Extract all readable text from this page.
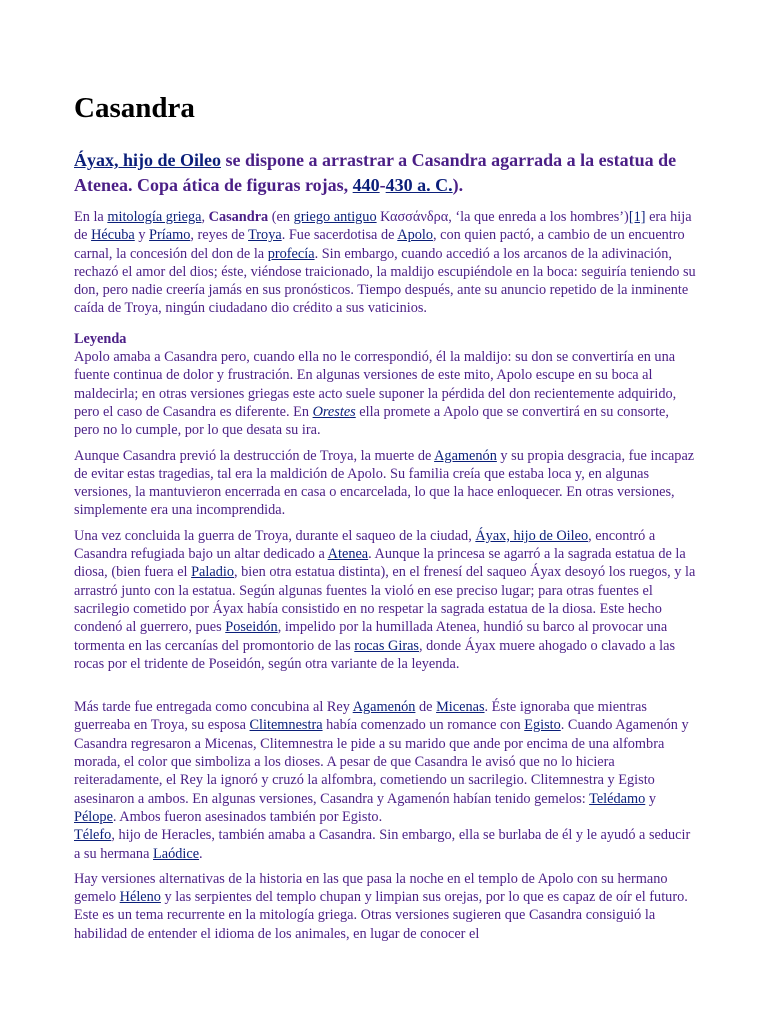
Casandra
Áyax, hijo de Oileo se dispone a arrastrar a Casandra agarrada a la estatua de Atenea. Copa ática de figuras rojas, 440-430 a. C.).

En la mitología griega, Casandra (en griego antiguo Κασσάνδρα, ‘la que enreda a los hombres’)[1] era hija de Hécuba y Príamo, reyes de Troya. Fue sacerdotisa de Apolo, con quien pactó, a cambio de un encuentro carnal, la concesión del don de la profecía. Sin embargo, cuando accedió a los arcanos de la adivinación, rechazó el amor del dios; éste, viéndose traicionado, la maldijo escupiéndole en la boca: seguiría teniendo su don, pero nadie creería jamás en sus pronósticos. Tiempo después, ante su anuncio repetido de la inminente caída de Troya, ningún ciudadano dio crédito a sus vaticinios.

Leyenda

Apolo amaba a Casandra pero, cuando ella no le correspondió, él la maldijo: su don se convertiría en una fuente continua de dolor y frustración. En algunas versiones de este mito, Apolo escupe en su boca al maldecirla; en otras versiones griegas este acto suele suponer la pérdida del don recientemente adquirido, pero el caso de Casandra es diferente. En Orestes ella promete a Apolo que se convertirá en su consorte, pero no lo cumple, por lo que desata su ira.

Aunque Casandra previó la destrucción de Troya, la muerte de Agamenón y su propia desgracia, fue incapaz de evitar estas tragedias, tal era la maldición de Apolo. Su familia creía que estaba loca y, en algunas versiones, la mantuvieron encerrada en casa o encarcelada, lo que la hace enloquecer. En otras versiones, simplemente era una incomprendida.

Una vez concluida la guerra de Troya, durante el saqueo de la ciudad, Áyax, hijo de Oileo, encontró a Casandra refugiada bajo un altar dedicado a Atenea. Aunque la princesa se agarró a la sagrada estatua de la diosa, (bien fuera el Paladio, bien otra estatua distinta), en el frenesí del saqueo Áyax desoyó los ruegos, y la arrastró junto con la estatua. Según algunas fuentes la violó en ese preciso lugar; para otras fuentes el sacrilegio cometido por Áyax había consistido en no respetar la sagrada estatua de la diosa. Este hecho condenó al guerrero, pues Poseidón, impelido por la humillada Atenea, hundió su barco al provocar una tormenta en las cercanías del promontorio de las rocas Giras, donde Áyax muere ahogado o clavado a las rocas por el tridente de Poseidón, según otra variante de la leyenda.

Más tarde fue entregada como concubina al Rey Agamenón de Micenas. Éste ignoraba que mientras guerreaba en Troya, su esposa Clitemnestra había comenzado un romance con Egisto. Cuando Agamenón y Casandra regresaron a Micenas, Clitemnestra le pide a su marido que ande por encima de una alfombra morada, el color que simboliza a los dioses. A pesar de que Casandra le avisó que no lo hiciera reiteradamente, el Rey la ignoró y cruzó la alfombra, cometiendo un sacrilegio. Clitemnestra y Egisto asesinaron a ambos. En algunas versiones, Casandra y Agamenón habían tenido gemelos: Telédamo y Pélope. Ambos fueron asesinados también por Egisto.

Télefo, hijo de Heracles, también amaba a Casandra. Sin embargo, ella se burlaba de él y le ayudó a seducir a su hermana Laódice.

Hay versiones alternativas de la historia en las que pasa la noche en el templo de Apolo con su hermano gemelo Héleno y las serpientes del templo chupan y limpian sus orejas, por lo que es capaz de oír el futuro. Este es un tema recurrente en la mitología griega. Otras versiones sugieren que Casandra consiguió la habilidad de entender el idioma de los animales, en lugar de conocer el
